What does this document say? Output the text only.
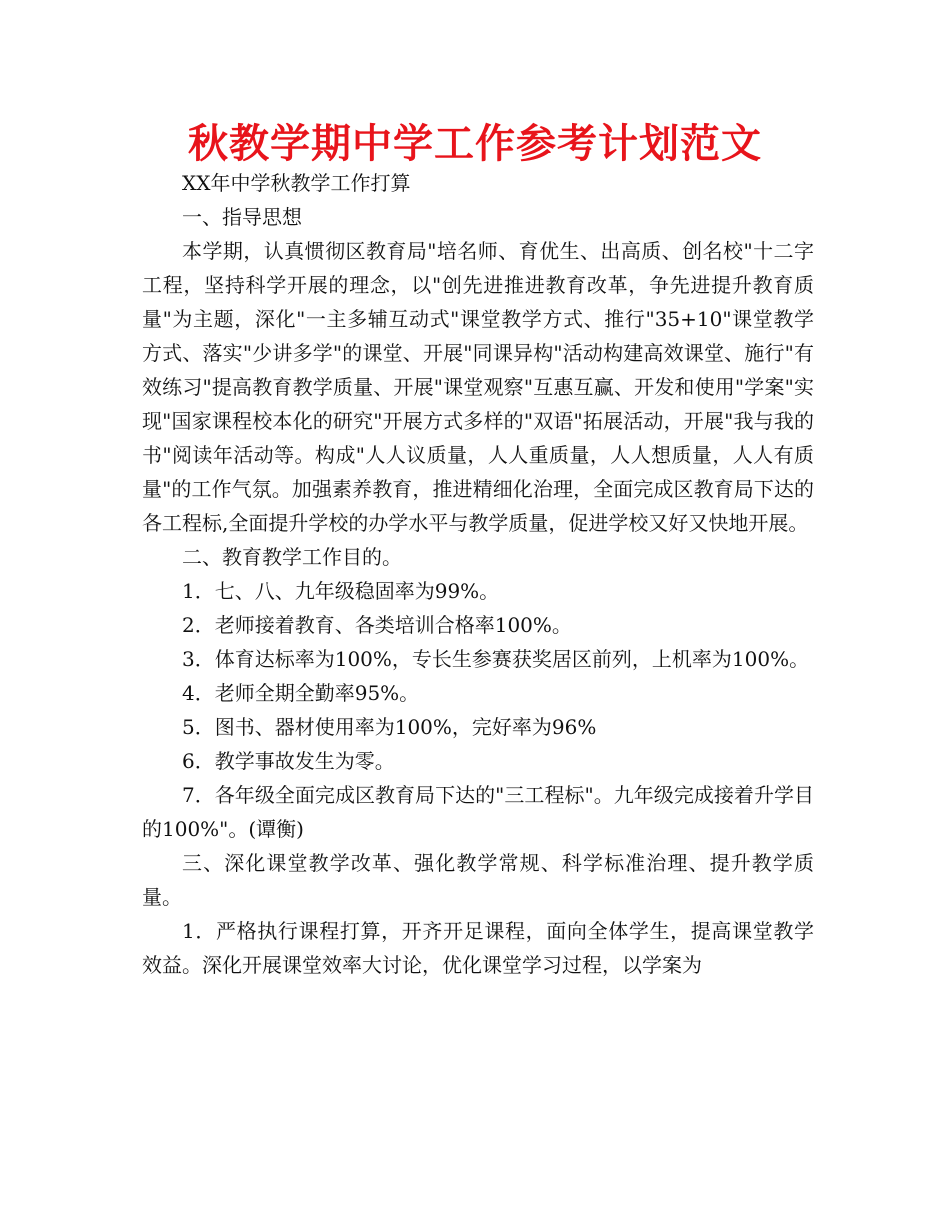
秋教学期中学工作参考计划范文

XX年中学秋教学工作打算

一、指导思想

本学期，认真惯彻区教育局"培名师、育优生、出高质、创名校"十二字工程，坚持科学开展的理念，以"创先进推进教育改革，争先进提升教育质量"为主题，深化"一主多辅互动式"课堂教学方式、推行"35+10"课堂教学方式、落实"少讲多学"的课堂、开展"同课异构"活动构建高效课堂、施行"有效练习"提高教育教学质量、开展"课堂观察"互惠互赢、开发和使用"学案"实现"国家课程校本化的研究"开展方式多样的"双语"拓展活动，开展"我与我的书"阅读年活动等。构成"人人议质量，人人重质量，人人想质量，人人有质量"的工作气氛。加强素养教育，推进精细化治理，全面完成区教育局下达的各工程标,全面提升学校的办学水平与教学质量，促进学校又好又快地开展。

二、教育教学工作目的。

1．七、八、九年级稳固率为99%。

2．老师接着教育、各类培训合格率100%。

3．体育达标率为100%，专长生参赛获奖居区前列，上机率为100%。

4．老师全期全勤率95%。

5．图书、器材使用率为100%，完好率为96%

6．教学事故发生为零。

7．各年级全面完成区教育局下达的"三工程标"。九年级完成接着升学目的100%"。(谭衡)

三、深化课堂教学改革、强化教学常规、科学标准治理、提升教学质量。

1．严格执行课程打算，开齐开足课程，面向全体学生，提高课堂教学效益。深化开展课堂效率大讨论，优化课堂学习过程，以学案为
